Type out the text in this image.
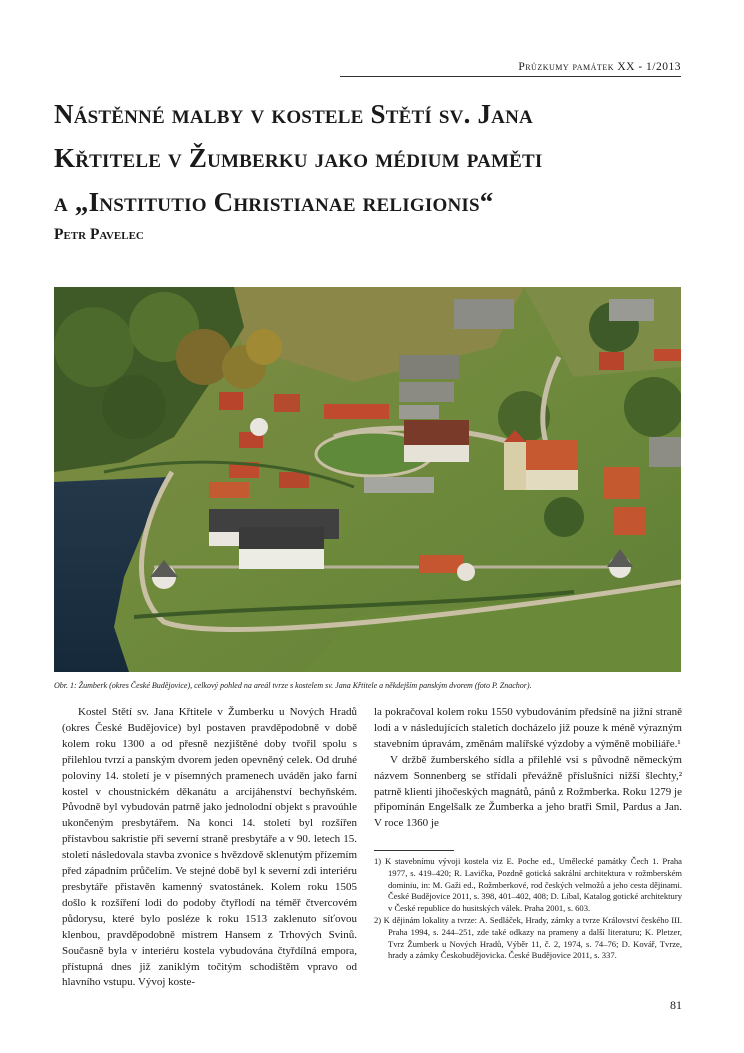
Průzkumy památek XX - 1/2013
Nástěnné malby v kostele Stětí sv. Jana
Křtitele v Žumberku jako médium paměti
a „Institutio Christianae religionis“
Petr Pavelec
Obr. 1: Žumberk (okres České Budějovice), celkový pohled na areál tvrze s kostelem sv. Jana Křtitele a někdejším panským dvorem (foto P. Znachor).

Kostel Stětí sv. Jana Křtitele v Žumberku u Nových Hradů (okres České Budějovice) byl postaven pravděpodobně v době kolem roku 1300 a od přesně nezjištěné doby tvořil spolu s přilehlou tvrzí a panským dvorem jeden opevněný celek. Od druhé poloviny 14. století je v písemných pramenech uváděn jako farní kostel v choustnickém děkanátu a arcijáhenství bechyňském. Původně byl vybudován patrně jako jednolodní objekt s pravoúhle ukončeným presbytářem. Na konci 14. století byl rozšířen přístavbou sakristie při severní straně presbytáře a v 90. letech 15. století následovala stavba zvonice s hvězdově sklenutým přízemím před západním průčelím. Ve stejné době byl k severní zdi interiéru presbytáře přistavěn kamenný svatostánek. Kolem roku 1505 došlo k rozšíření lodi do podoby čtyřlodí na téměř čtvercovém půdorysu, které bylo posléze k roku 1513 zaklenuto síťovou klenbou, pravděpodobně mistrem Hansem z Trhových Svinů. Současně byla v interiéru kostela vybudována čtyřdílná empora, přístupná dnes již zaniklým točitým schodištěm vpravo od hlavního vstupu. Vývoj koste-

la pokračoval kolem roku 1550 vybudováním předsíně na jižní straně lodi a v následujících staletích docházelo již pouze k méně výrazným stavebním úpravám, změnám malířské výzdoby a výměně mobiliáře.¹

V držbě žumberského sídla a přilehlé vsi s původně německým názvem Sonnenberg se střídali převážně příslušníci nižší šlechty,² patrně klienti jihočeských magnátů, pánů z Rožmberka. Roku 1279 je připomínán Engelšalk ze Žumberka a jeho bratři Smil, Pardus a Jan. V roce 1360 je

1) K stavebnímu vývoji kostela viz E. Poche ed., Umělecké památky Čech 1. Praha 1977, s. 419–420; R. Lavička, Pozdně gotická sakrální architektura v rožmberském dominiu, in: M. Gaži ed., Rožmberkové, rod českých velmožů a jeho cesta dějinami. České Budějovice 2011, s. 398, 401–402, 408; D. Líbal, Katalog gotické architektury v České republice do husitských válek. Praha 2001, s. 603.

2) K dějinám lokality a tvrze: A. Sedláček, Hrady, zámky a tvrze Království českého III. Praha 1994, s. 244–251, zde také odkazy na prameny a další literaturu; K. Pletzer, Tvrz Žumberk u Nových Hradů, Výběr 11, č. 2, 1974, s. 74–76; D. Kovář, Tvrze, hrady a zámky Českobudějovicka. České Budějovice 2011, s. 337.

81
